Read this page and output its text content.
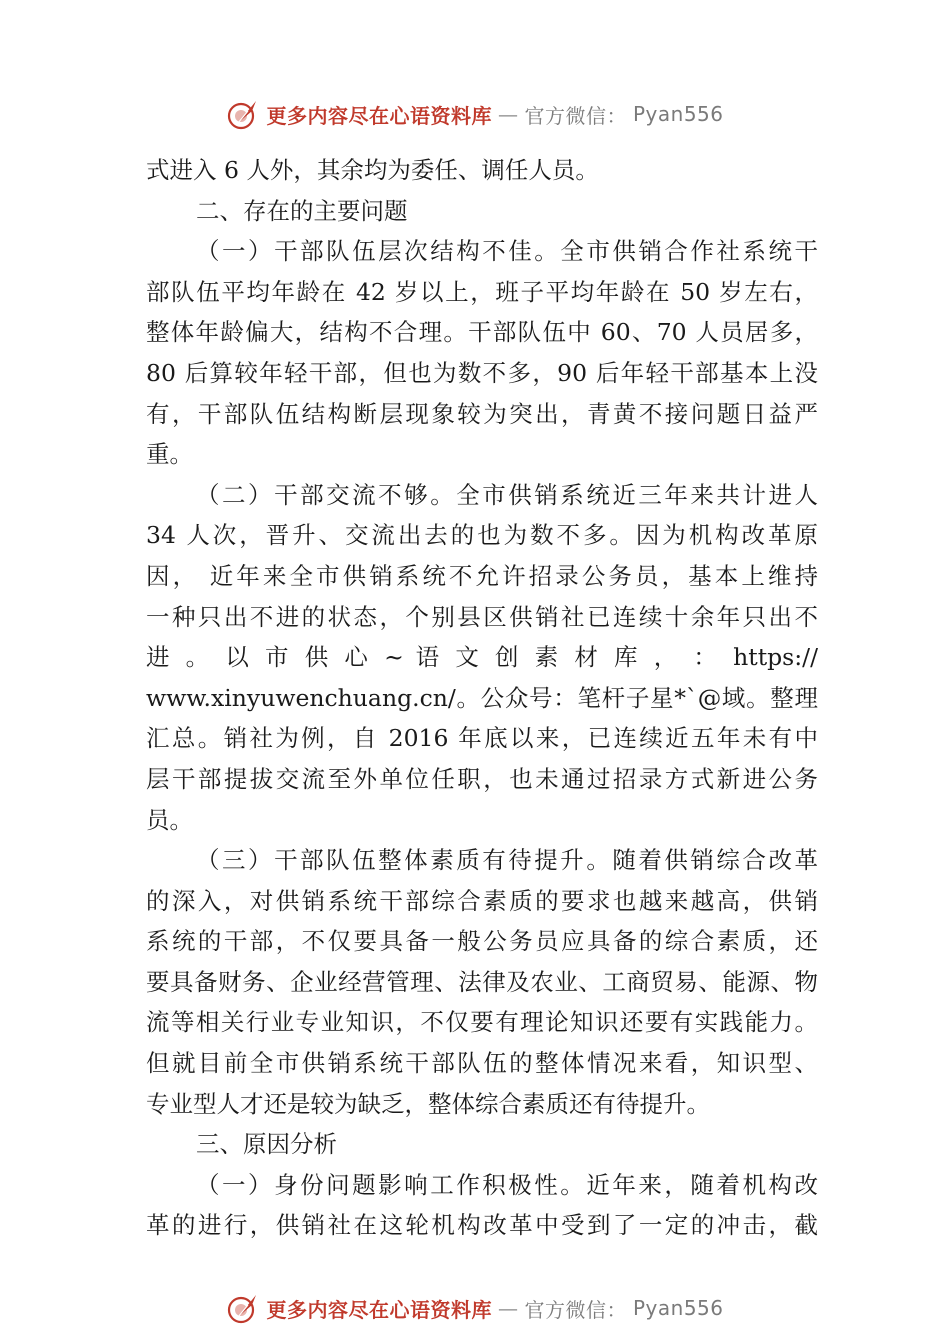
更多内容尽在心语资料库 — 官方微信： Pyan556
式进入 6 人外，其余均为委任、调任人员。
二、存在的主要问题
（一）干部队伍层次结构不佳。全市供销合作社系统干
部队伍平均年龄在 42 岁以上，班子平均年龄在 50 岁左右，
整体年龄偏大，结构不合理。干部队伍中 60、70 人员居多，
80 后算较年轻干部，但也为数不多，90 后年轻干部基本上没
有，干部队伍结构断层现象较为突出，青黄不接问题日益严
重。
（二）干部交流不够。全市供销系统近三年来共计进人
34 人次，晋升、交流出去的也为数不多。因为机构改革原
因， 近年来全市供销系统不允许招录公务员，基本上维持
一种只出不进的状态，个别县区供销社已连续十余年只出不
进 。 以 市 供 心 ~ 语 文 创 素 材 库 ， ： https://
www.xinyuwenchuang.cn/。公众号：笔杆子星*`@域。整理
汇总。销社为例，自 2016 年底以来，已连续近五年未有中
层干部提拔交流至外单位任职，也未通过招录方式新进公务
员。
（三）干部队伍整体素质有待提升。随着供销综合改革
的深入，对供销系统干部综合素质的要求也越来越高，供销
系统的干部，不仅要具备一般公务员应具备的综合素质，还
要具备财务、企业经营管理、法律及农业、工商贸易、能源、物
流等相关行业专业知识，不仅要有理论知识还要有实践能力。
但就目前全市供销系统干部队伍的整体情况来看，知识型、
专业型人才还是较为缺乏，整体综合素质还有待提升。
三、原因分析
（一）身份问题影响工作积极性。近年来，随着机构改
革的进行，供销社在这轮机构改革中受到了一定的冲击，截
更多内容尽在心语资料库 — 官方微信： Pyan556
